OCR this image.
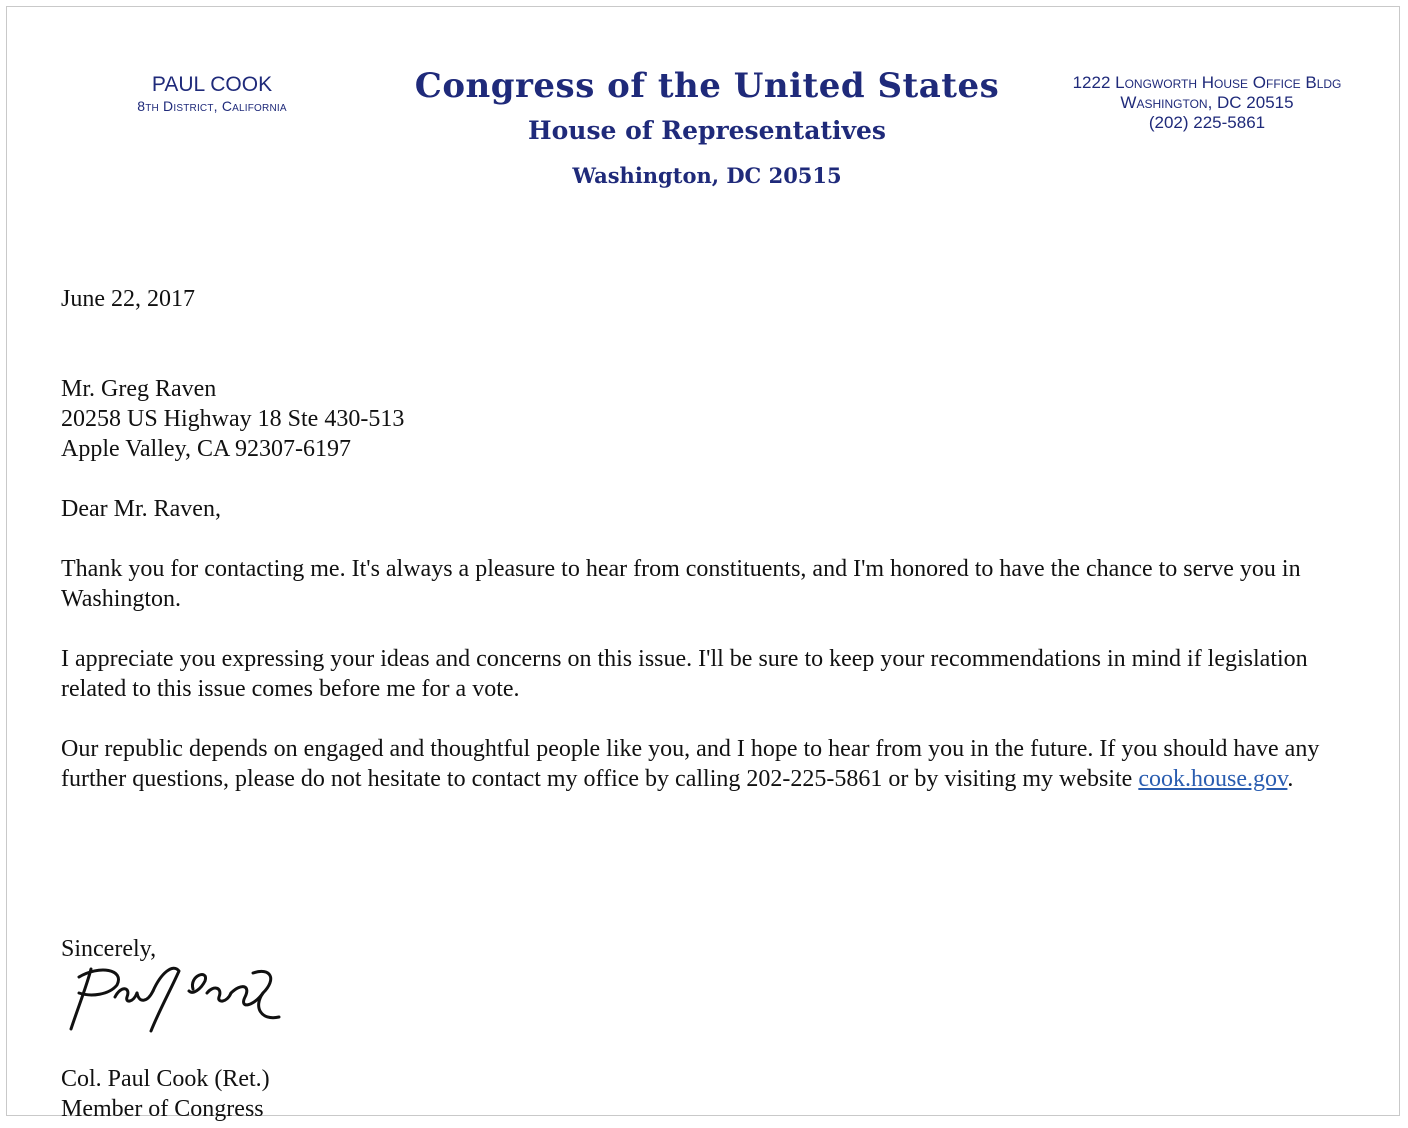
PAUL COOK
8th District, California	Congress of the United States
House of Representatives
Washington, DC 20515
1222 Longworth House Office Bldg
Washington, DC 20515
(202) 225-5861
June 22, 2017
Mr. Greg Raven
20258 US Highway 18 Ste 430-513
Apple Valley, CA 92307-6197
Dear Mr. Raven,
Thank you for contacting me. It's always a pleasure to hear from constituents, and I'm honored to have the chance to serve you in Washington.
I appreciate you expressing your ideas and concerns on this issue. I'll be sure to keep your recommendations in mind if legislation related to this issue comes before me for a vote.
Our republic depends on engaged and thoughtful people like you, and I hope to hear from you in the future. If you should have any further questions, please do not hesitate to contact my office by calling 202-225-5861 or by visiting my website cook.house.gov.
Sincerely,
Col. Paul Cook (Ret.)
Member of Congress
